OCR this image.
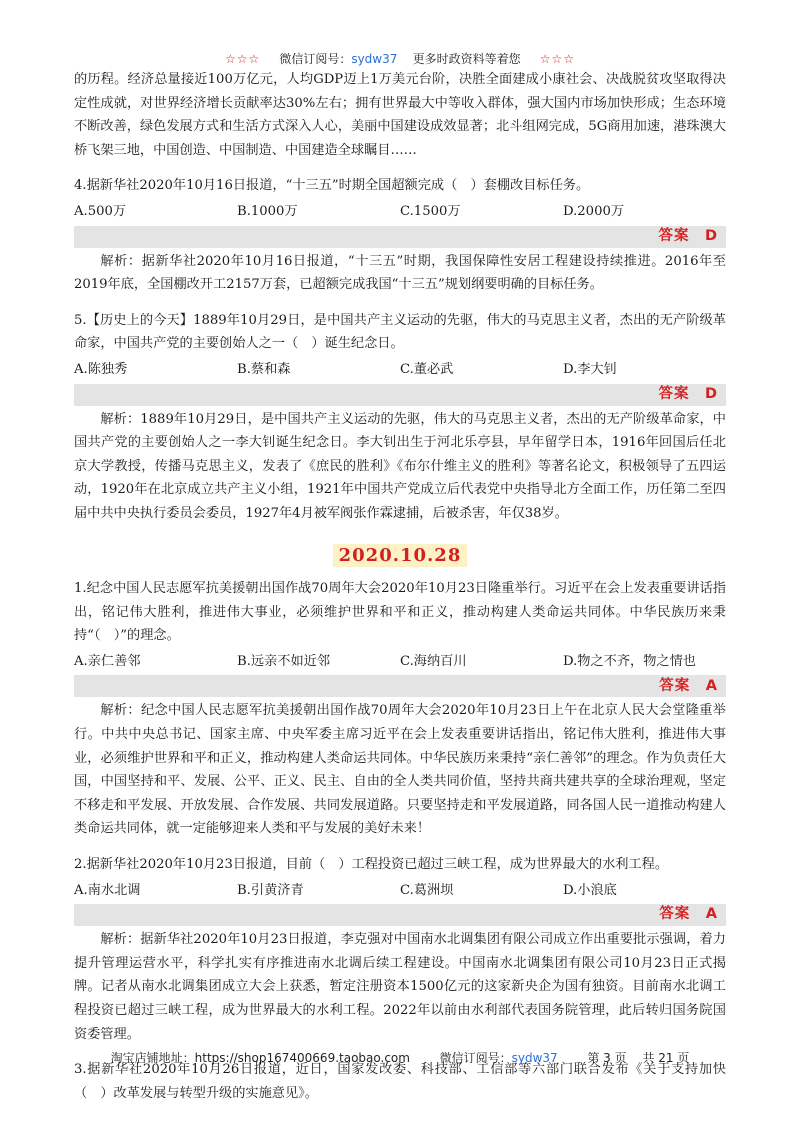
☆☆☆ 微信订阅号：sydw37 更多时政资料等着您 ☆☆☆

的历程。经济总量接近100万亿元，人均GDP迈上1万美元台阶，决胜全面建成小康社会、决战脱贫攻坚取得决定性成就，对世界经济增长贡献率达30%左右；拥有世界最大中等收入群体，强大国内市场加快形成；生态环境不断改善，绿色发展方式和生活方式深入人心，美丽中国建设成效显著；北斗组网完成，5G商用加速，港珠澳大桥飞架三地，中国创造、中国制造、中国建造全球瞩目……

4.据新华社2020年10月16日报道，“十三五”时期全国超额完成（　）套棚改目标任务。

A.500万	B.1000万	C.1500万	D.2000万
答案　D

解析：据新华社2020年10月16日报道，“十三五”时期，我国保障性安居工程建设持续推进。2016年至2019年底，全国棚改开工2157万套，已超额完成我国“十三五”规划纲要明确的目标任务。

5.【历史上的今天】1889年10月29日，是中国共产主义运动的先驱，伟大的马克思主义者，杰出的无产阶级革命家，中国共产党的主要创始人之一（　）诞生纪念日。

A.陈独秀	B.蔡和森	C.董必武	D.李大钊
答案　D

解析：1889年10月29日，是中国共产主义运动的先驱，伟大的马克思主义者，杰出的无产阶级革命家，中国共产党的主要创始人之一李大钊诞生纪念日。李大钊出生于河北乐亭县，早年留学日本，1916年回国后任北京大学教授，传播马克思主义，发表了《庶民的胜利》《布尔什维主义的胜利》等著名论文，积极领导了五四运动，1920年在北京成立共产主义小组，1921年中国共产党成立后代表党中央指导北方全面工作，历任第二至四届中共中央执行委员会委员，1927年4月被军阀张作霖逮捕，后被杀害，年仅38岁。

2020.10.28

1.纪念中国人民志愿军抗美援朝出国作战70周年大会2020年10月23日隆重举行。习近平在会上发表重要讲话指出，铭记伟大胜利，推进伟大事业，必须维护世界和平和正义，推动构建人类命运共同体。中华民族历来秉持“（　）”的理念。

A.亲仁善邻	B.远亲不如近邻	C.海纳百川	D.物之不齐，物之情也
答案　A

解析：纪念中国人民志愿军抗美援朝出国作战70周年大会2020年10月23日上午在北京人民大会堂隆重举行。中共中央总书记、国家主席、中央军委主席习近平在会上发表重要讲话指出，铭记伟大胜利，推进伟大事业，必须维护世界和平和正义，推动构建人类命运共同体。中华民族历来秉持“亲仁善邻”的理念。作为负责任大国，中国坚持和平、发展、公平、正义、民主、自由的全人类共同价值，坚持共商共建共享的全球治理观，坚定不移走和平发展、开放发展、合作发展、共同发展道路。只要坚持走和平发展道路，同各国人民一道推动构建人类命运共同体，就一定能够迎来人类和平与发展的美好未来！

2.据新华社2020年10月23日报道，目前（　）工程投资已超过三峡工程，成为世界最大的水利工程。

A.南水北调	B.引黄济青	C.葛洲坝	D.小浪底
答案　A

解析：据新华社2020年10月23日报道，李克强对中国南水北调集团有限公司成立作出重要批示强调，着力提升管理运营水平，科学扎实有序推进南水北调后续工程建设。中国南水北调集团有限公司10月23日正式揭牌。记者从南水北调集团成立大会上获悉，暂定注册资本1500亿元的这家新央企为国有独资。目前南水北调工程投资已超过三峡工程，成为世界最大的水利工程。2022年以前由水利部代表国务院管理，此后转归国务院国资委管理。

3.据新华社2020年10月26日报道，近日，国家发改委、科技部、工信部等六部门联合发布《关于支持加快（　）改革发展与转型升级的实施意见》。

淘宝店铺地址：https://shop167400669.taobao.com 微信订阅号：sydw37 第 3 页　 共 21 页
